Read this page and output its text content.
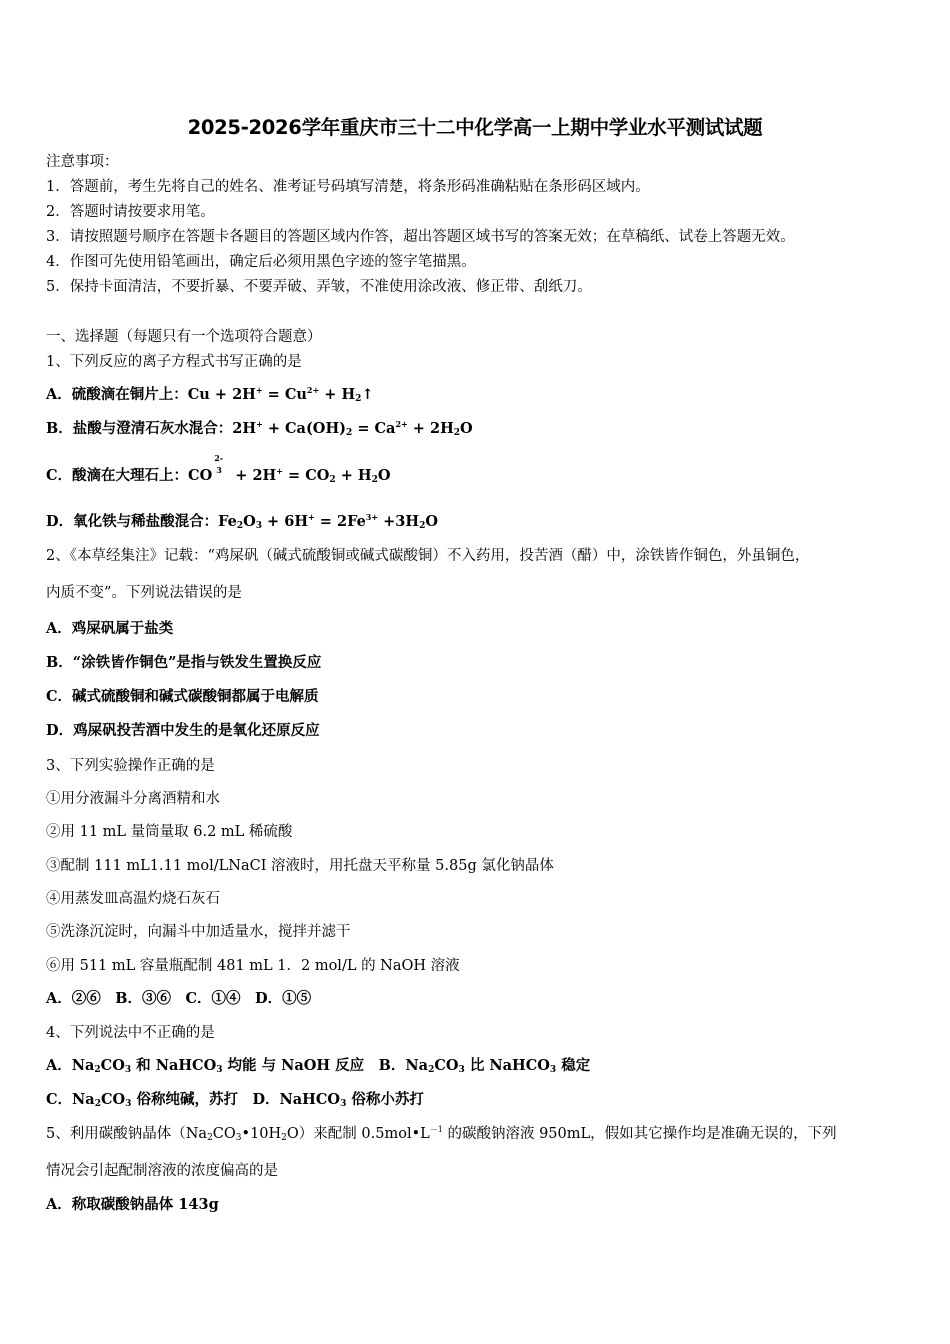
2025-2026学年重庆市三十二中化学高一上期中学业水平测试试题
注意事项：
1．答题前，考生先将自己的姓名、准考证号码填写清楚，将条形码准确粘贴在条形码区域内。
2．答题时请按要求用笔。
3．请按照题号顺序在答题卡各题目的答题区域内作答，超出答题区域书写的答案无效；在草稿纸、试卷上答题无效。
4．作图可先使用铅笔画出，确定后必须用黑色字迹的签字笔描黑。
5．保持卡面清洁，不要折暴、不要弄破、弄皱，不准使用涂改液、修正带、刮纸刀。
一、选择题（每题只有一个选项符合题意）
1、下列反应的离子方程式书写正确的是
A．硫酸滴在铜片上：$Cu + 2H^+ = Cu^{2+}$ + $H_2↑$
B．盐酸与澄清石灰水混合：$2H^+ + Ca(OH)_2 = Ca^{2+} + 2H_2O$
C．酸滴在大理石上：CO
2-
$3 + 2H^+ = CO_2 + H_2O$
D．氧化铁与稀盐酸混合：$Fe_2O_3 + 6H^+ = 2Fe^{3+} +3H_2O$
2、《本草经集注》记载：“鸡屎矾（碱式硫酸铜或碱式碳酸铜）不入药用，投苦酒（醋）中，涂铁皆作铜色，外虽铜色，
内质不变”。下列说法错误的是
A．鸡屎矾属于盐类
B．“涂铁皆作铜色”是指与铁发生置换反应
C．碱式硫酸铜和碱式碳酸铜都属于电解质
D．鸡屎矾投苦酒中发生的是氧化还原反应
3、下列实验操作正确的是
①用分液漏斗分离酒精和水
②用 11 mL 量筒量取 6.2 mL 稀硫酸
③配制 111 mL1.11 mol/LNaCI 溶液时，用托盘天平称量 5.85g 氯化钠晶体
④用蒸发皿高温灼烧石灰石
⑤洗涤沉淀时，向漏斗中加适量水，搅拌并滤干
⑥用 511 mL 容量瓶配制 481 mL 1．2 mol/L 的 NaOH 溶液
A．②⑥　B．③⑥　C．①④　D．①⑤
4、下列说法中不正确的是
A．$Na_2CO_3$ 和 NaHCO$_3$ 均能 与 NaOH 反应　B．$Na_2CO_3$ 比 NaHCO$_3$ 稳定
C．$Na_2CO_3$ 俗称纯碱，苏打　D．NaHCO$_3$ 俗称小苏打
5、利用碳酸钠晶体$(Na_2CO_3•10H_2O)$来配制 $0.5mol•L^{-1}$ 的碳酸钠溶液 950mL，假如其它操作均是准确无误的，下列
情况会引起配制溶液的浓度偏高的是
A．称取碳酸钠晶体 143g
